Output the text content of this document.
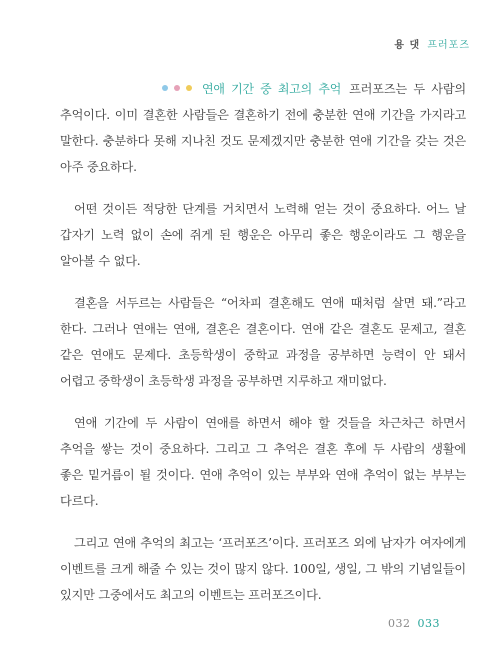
용 댓 프러포즈

연애 기간 중 최고의 추억 프러포즈는 두 사람의 추억이다. 이미 결혼한 사람들은 결혼하기 전에 충분한 연애 기간을 가지라고 말한다. 충분하다 못해 지나친 것도 문제겠지만 충분한 연애 기간을 갖는 것은 아주 중요하다.

어떤 것이든 적당한 단계를 거치면서 노력해 얻는 것이 중요하다. 어느 날 갑자기 노력 없이 손에 쥐게 된 행운은 아무리 좋은 행운이라도 그 행운을 알아볼 수 없다.

결혼을 서두르는 사람들은 “어차피 결혼해도 연애 때처럼 살면 돼.”라고 한다. 그러나 연애는 연애, 결혼은 결혼이다. 연애 같은 결혼도 문제고, 결혼 같은 연애도 문제다. 초등학생이 중학교 과정을 공부하면 능력이 안 돼서 어렵고 중학생이 초등학생 과정을 공부하면 지루하고 재미없다.

연애 기간에 두 사람이 연애를 하면서 해야 할 것들을 차근차근 하면서 추억을 쌓는 것이 중요하다. 그리고 그 추억은 결혼 후에 두 사람의 생활에 좋은 밑거름이 될 것이다. 연애 추억이 있는 부부와 연애 추억이 없는 부부는 다르다.

그리고 연애 추억의 최고는 ‘프러포즈’이다. 프러포즈 외에 남자가 여자에게 이벤트를 크게 해줄 수 있는 것이 많지 않다. 100일, 생일, 그 밖의 기념일들이 있지만 그중에서도 최고의 이벤트는 프러포즈이다.

032 033
